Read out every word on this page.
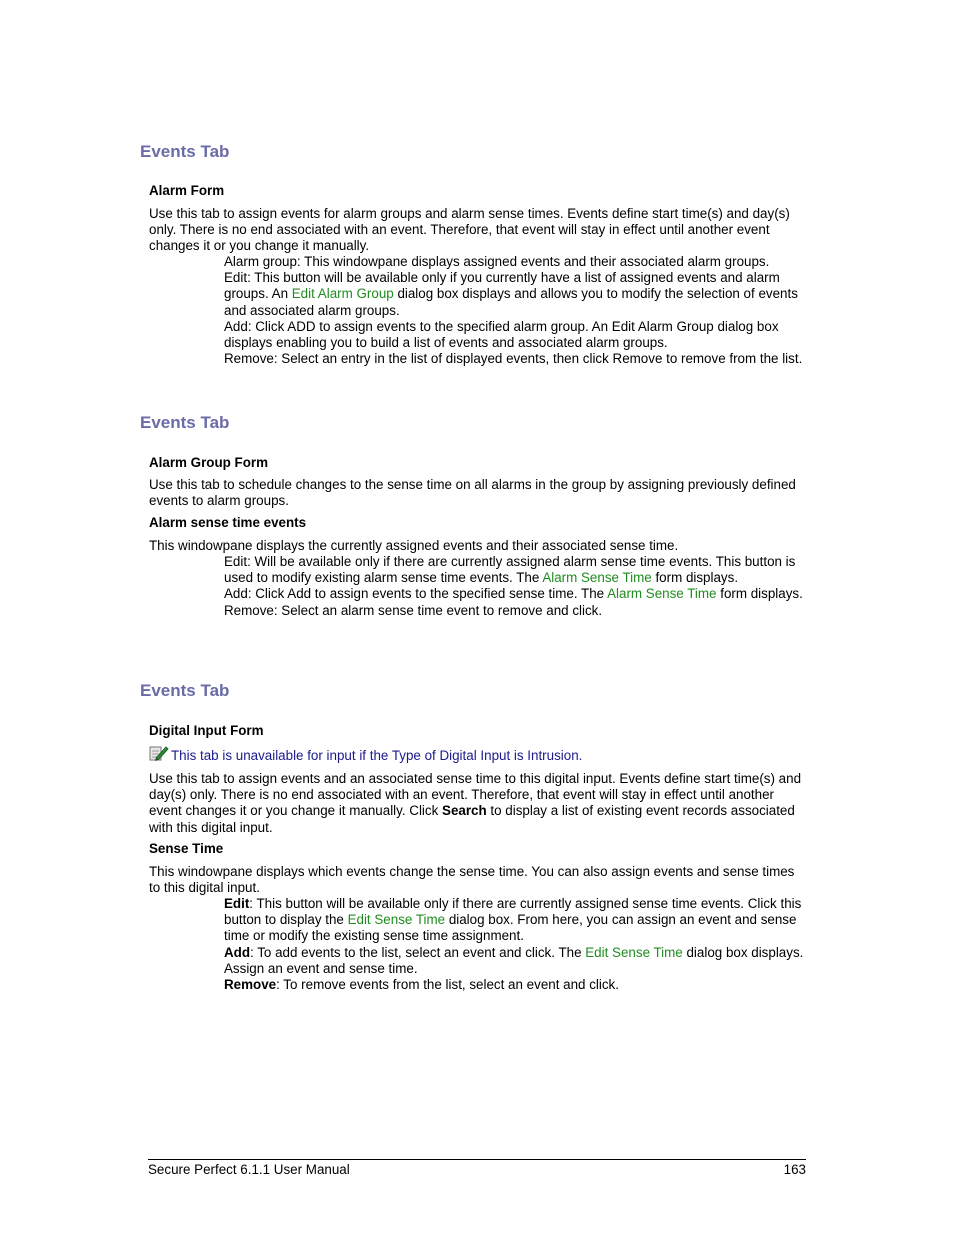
Events Tab
Alarm Form

Use this tab to assign events for alarm groups and alarm sense times. Events define start time(s) and day(s) only. There is no end associated with an event. Therefore, that event will stay in effect until another event changes it or you change it manually.

Alarm group: This windowpane displays assigned events and their associated alarm groups.
Edit: This button will be available only if you currently have a list of assigned events and alarm groups. An Edit Alarm Group dialog box displays and allows you to modify the selection of events and associated alarm groups.
Add: Click ADD to assign events to the specified alarm group. An Edit Alarm Group dialog box displays enabling you to build a list of events and associated alarm groups.
Remove: Select an entry in the list of displayed events, then click Remove to remove from the list.
Events Tab
Alarm Group Form

Use this tab to schedule changes to the sense time on all alarms in the group by assigning previously defined events to alarm groups.

Alarm sense time events

This windowpane displays the currently assigned events and their associated sense time.

Edit: Will be available only if there are currently assigned alarm sense time events. This button is used to modify existing alarm sense time events. The Alarm Sense Time form displays.
Add: Click Add to assign events to the specified sense time. The Alarm Sense Time form displays.
Remove: Select an alarm sense time event to remove and click.
Events Tab
Digital Input Form

This tab is unavailable for input if the Type of Digital Input is Intrusion.

Use this tab to assign events and an associated sense time to this digital input. Events define start time(s) and day(s) only. There is no end associated with an event. Therefore, that event will stay in effect until another event changes it or you change it manually. Click Search to display a list of existing event records associated with this digital input.

Sense Time

This windowpane displays which events change the sense time. You can also assign events and sense times to this digital input.

Edit: This button will be available only if there are currently assigned sense time events. Click this button to display the Edit Sense Time dialog box. From here, you can assign an event and sense time or modify the existing sense time assignment.
Add: To add events to the list, select an event and click. The Edit Sense Time dialog box displays. Assign an event and sense time.
Remove: To remove events from the list, select an event and click.
Secure Perfect 6.1.1 User Manual	163
